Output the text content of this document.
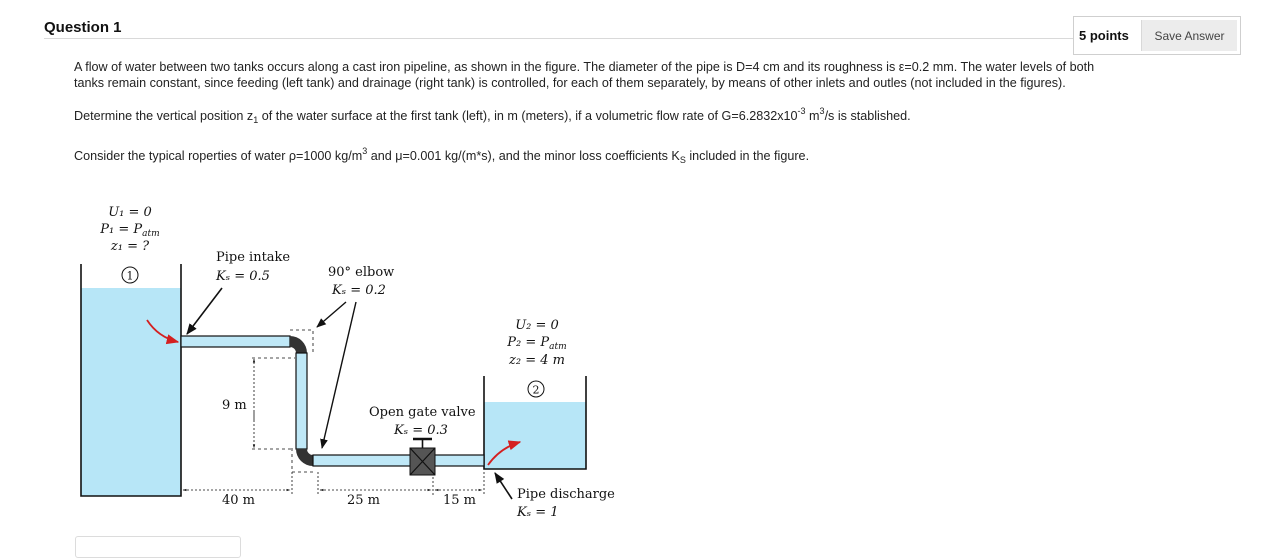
Question 1	5 points	Save Answer
A flow of water between two tanks occurs along a cast iron pipeline, as shown in the figure. The diameter of the pipe is D=4 cm and its roughness is ε=0.2 mm. The water levels of both
tanks remain constant, since feeding (left tank) and drainage (right tank) is controlled, for each of them separately, by means of other inlets and outles (not included in the figures).
Determine the vertical position $z_1$ of the water surface at the first tank (left), in m (meters), if a volumetric flow rate of $G=6.2832x10^{-3}$ $m^3/s$ is stablished.
Consider the typical roperties of water ρ=1000 $kg/m^3$ and μ=0.001 kg/(m*s), and the minor loss coefficients $K_S$ included in the figure.
U₁ = 0
$P_1 = P_{atm}$
z₁ = ?
1
U₂ = 0
$P_2 = P_{atm}$
z₂ = 4 m
2
Pipe intake
Kₛ = 0.5	90° elbow
Kₛ = 0.2
Open gate valve
Kₛ = 0.3
Pipe discharge
Kₛ = 1
9 m
40 m	25 m	15 m
